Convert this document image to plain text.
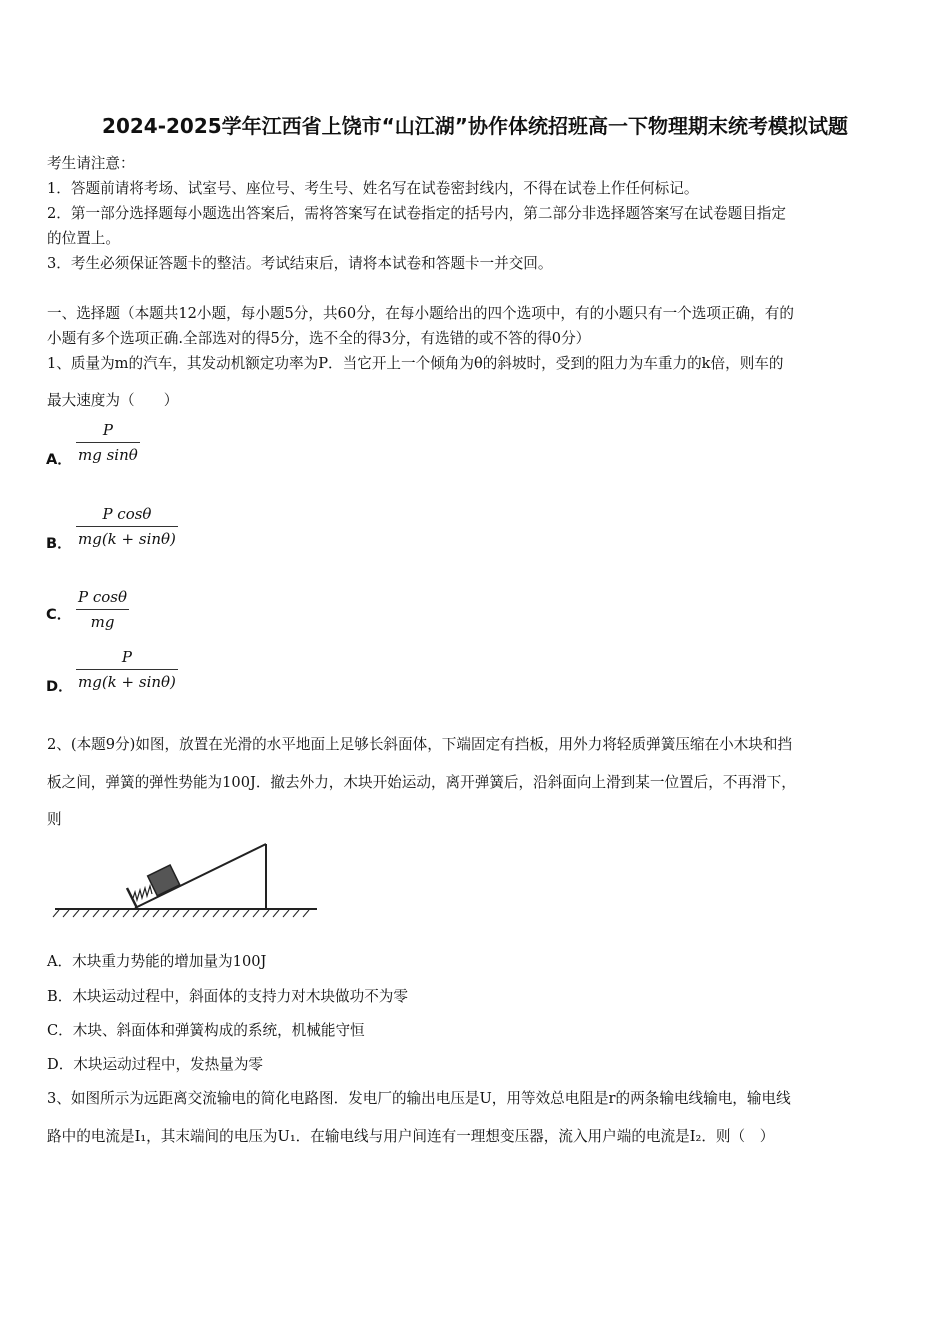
2024-2025学年江西省上饶市“山江湖”协作体统招班高一下物理期末统考模拟试题
考生请注意：
1．答题前请将考场、试室号、座位号、考生号、姓名写在试卷密封线内，不得在试卷上作任何标记。
2．第一部分选择题每小题选出答案后，需将答案写在试卷指定的括号内，第二部分非选择题答案写在试卷题目指定
的位置上。
3．考生必须保证答题卡的整洁。考试结束后，请将本试卷和答题卡一并交回。
一、选择题（本题共12小题，每小题5分，共60分，在每小题给出的四个选项中，有的小题只有一个选项正确，有的
小题有多个选项正确.全部选对的得5分，选不全的得3分，有选错的或不答的得0分）
1、质量为m的汽车，其发动机额定功率为P．当它开上一个倾角为θ的斜坡时，受到的阻力为车重力的k倍，则车的
最大速度为（　　）
A． $\frac{P}{\text{mg sinθ}}$
B． $\frac{\text{P cosθ}}{mg(k + \sin\theta)}$
C． $\frac{\text{P cosθ}}{mg}$
D． $\frac{P}{mg(k + \sin\theta)}$
2、(本题9分)如图，放置在光滑的水平地面上足够长斜面体，下端固定有挡板，用外力将轻质弹簧压缩在小木块和挡
板之间，弹簧的弹性势能为100J．撤去外力，木块开始运动，离开弹簧后，沿斜面向上滑到某一位置后，不再滑下，
则
A．木块重力势能的增加量为100J
B．木块运动过程中，斜面体的支持力对木块做功不为零
C．木块、斜面体和弹簧构成的系统，机械能守恒
D．木块运动过程中，发热量为零
3、如图所示为远距离交流输电的简化电路图．发电厂的输出电压是U，用等效总电阻是r的两条输电线输电，输电线
路中的电流是I₁，其末端间的电压为U₁．在输电线与用户间连有一理想变压器，流入用户端的电流是I₂．则（　）
